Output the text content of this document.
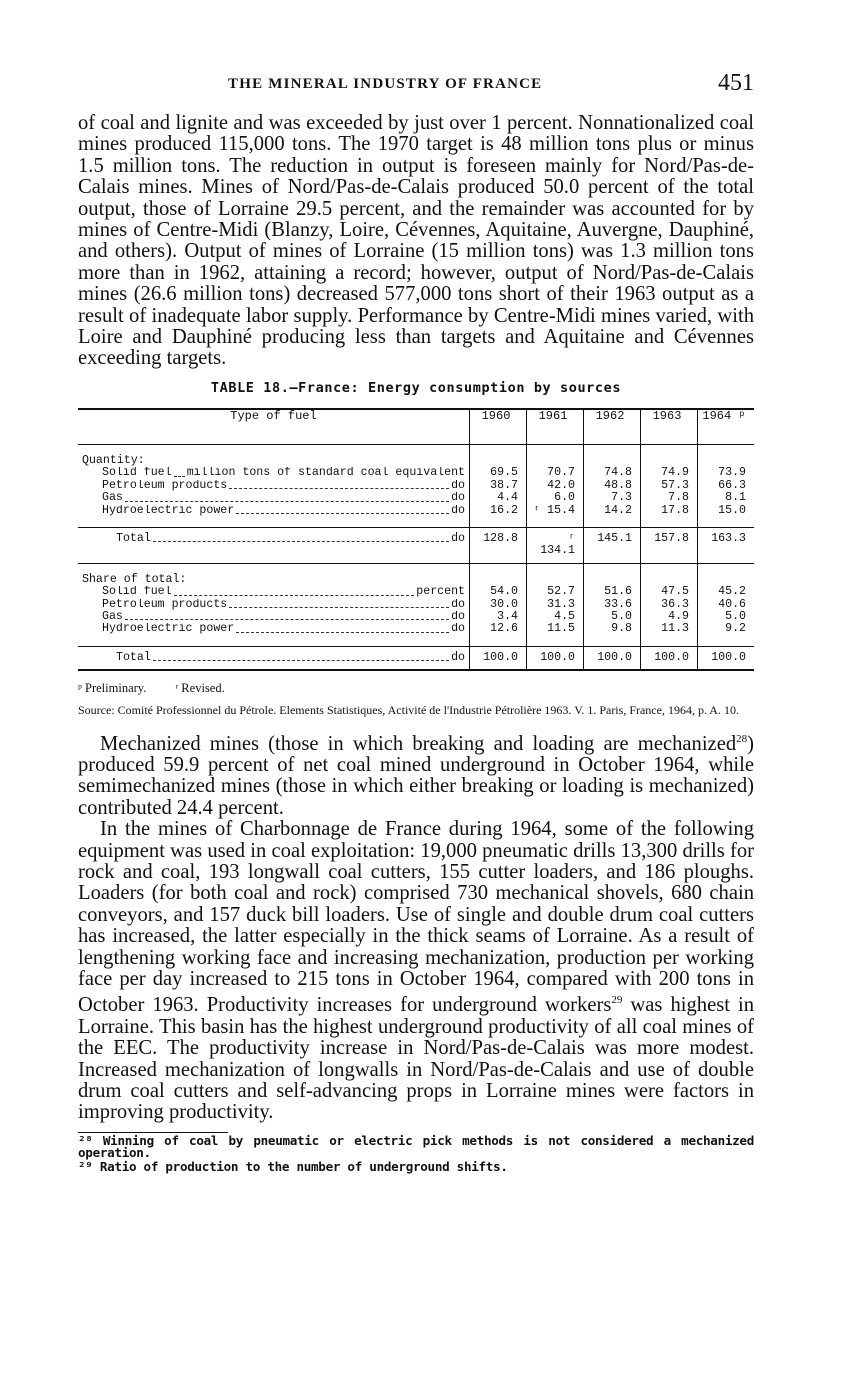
THE MINERAL INDUSTRY OF FRANCE	451

of coal and lignite and was exceeded by just over 1 percent. Nonnationalized coal mines produced 115,000 tons. The 1970 target is 48 million tons plus or minus 1.5 million tons. The reduction in output is foreseen mainly for Nord/Pas-de-Calais mines. Mines of Nord/Pas-de-Calais produced 50.0 percent of the total output, those of Lorraine 29.5 percent, and the remainder was accounted for by mines of Centre-Midi (Blanzy, Loire, Cévennes, Aquitaine, Auvergne, Dauphiné, and others). Output of mines of Lorraine (15 million tons) was 1.3 million tons more than in 1962, attaining a record; however, output of Nord/Pas-de-Calais mines (26.6 million tons) decreased 577,000 tons short of their 1963 output as a result of inadequate labor supply. Performance by Centre-Midi mines varied, with Loire and Dauphiné producing less than targets and Aquitaine and Cévennes exceeding targets.

TABLE 18.—France: Energy consumption by sources
Type of fuel	1960	1961	1962	1963	1964 ᵖ

Quantity:					

Solid fuel million tons of standard coal equivalent	69.5	70.7	74.8	74.9	73.9

Petroleum products do	38.7	42.0	48.8	57.3	66.3

Gas do	4.4	6.0	7.3	7.8	8.1

Hydroelectric power do	16.2	ʳ 15.4	14.2	17.8	15.0

Total do	128.8	ʳ 134.1	145.1	157.8	163.3

Share of total:					

Solid fuel percent	54.0	52.7	51.6	47.5	45.2

Petroleum products do	30.0	31.3	33.6	36.3	40.6

Gas do	3.4	4.5	5.0	4.9	5.0

Hydroelectric power do	12.6	11.5	9.8	11.3	9.2

Total do	100.0	100.0	100.0	100.0	100.0
ᵖ Preliminary. ʳ Revised.
Source: Comité Professionnel du Pétrole. Elements Statistiques, Activité de l'Industrie Pétrolière 1963. V. 1. Paris, France, 1964, p. A. 10.

Mechanized mines (those in which breaking and loading are mechanized$^{28}$) produced 59.9 percent of net coal mined underground in October 1964, while semimechanized mines (those in which either breaking or loading is mechanized) contributed 24.4 percent.

In the mines of Charbonnage de France during 1964, some of the following equipment was used in coal exploitation: 19,000 pneumatic drills 13,300 drills for rock and coal, 193 longwall coal cutters, 155 cutter loaders, and 186 ploughs. Loaders (for both coal and rock) comprised 730 mechanical shovels, 680 chain conveyors, and 157 duck bill loaders. Use of single and double drum coal cutters has increased, the latter especially in the thick seams of Lorraine. As a result of lengthening working face and increasing mechanization, production per working face per day increased to 215 tons in October 1964, compared with 200 tons in October 1963. Productivity increases for underground workers$^{29}$ was highest in Lorraine. This basin has the highest underground productivity of all coal mines of the EEC. The productivity increase in Nord/Pas-de-Calais was more modest. Increased mechanization of longwalls in Nord/Pas-de-Calais and use of double drum coal cutters and self-advancing props in Lorraine mines were factors in improving productivity.

²⁸ Winning of coal by pneumatic or electric pick methods is not considered a mechanized operation.

²⁹ Ratio of production to the number of underground shifts.
